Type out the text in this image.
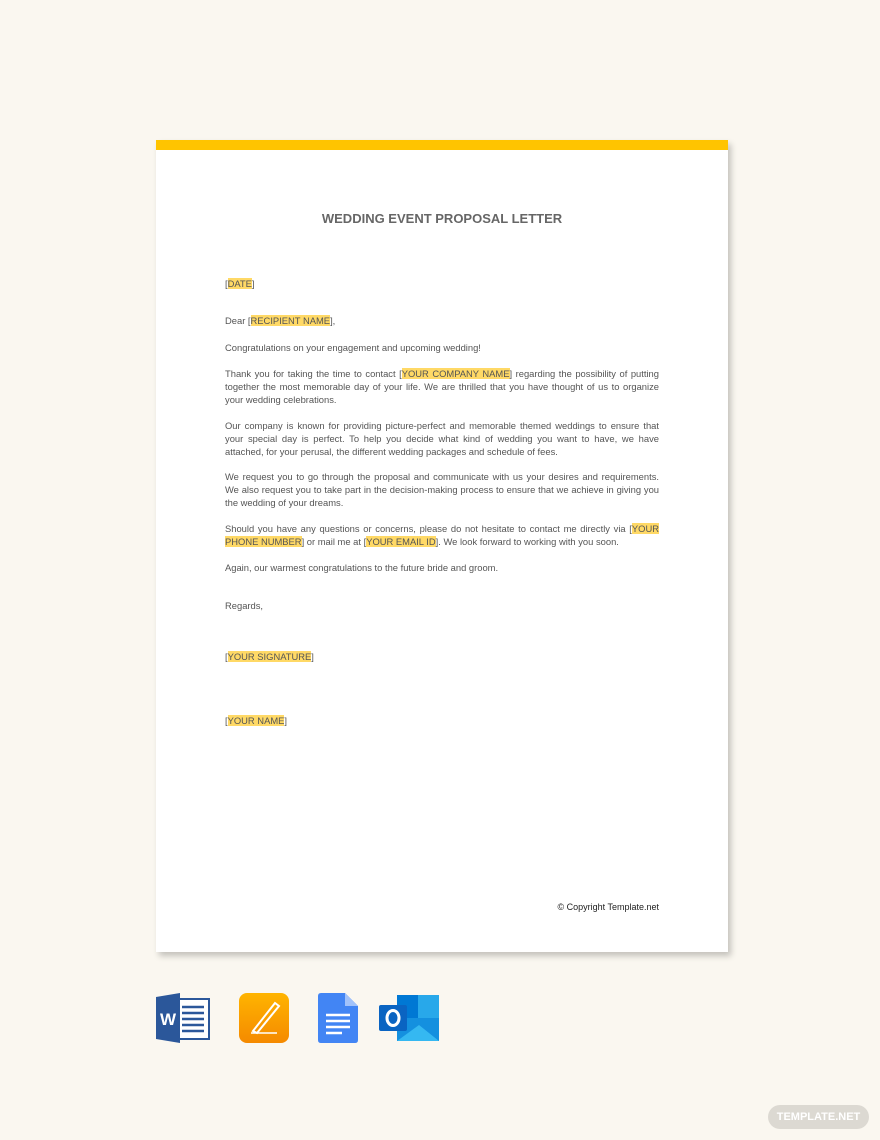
WEDDING EVENT PROPOSAL LETTER
[DATE]
Dear [RECIPIENT NAME],
Congratulations on your engagement and upcoming wedding!
Thank you for taking the time to contact [YOUR COMPANY NAME] regarding the possibility of putting together the most memorable day of your life. We are thrilled that you have thought of us to organize your wedding celebrations.
Our company is known for providing picture-perfect and memorable themed weddings to ensure that your special day is perfect. To help you decide what kind of wedding you want to have, we have attached, for your perusal, the different wedding packages and schedule of fees.
We request you to go through the proposal and communicate with us your desires and requirements. We also request you to take part in the decision-making process to ensure that we achieve in giving you the wedding of your dreams.
Should you have any questions or concerns, please do not hesitate to contact me directly via [YOUR PHONE NUMBER] or mail me at [YOUR EMAIL ID]. We look forward to working with you soon.
Again, our warmest congratulations to the future bride and groom.
Regards,
[YOUR SIGNATURE]
[YOUR NAME]
© Copyright Template.net
W
TEMPLATE.NET
